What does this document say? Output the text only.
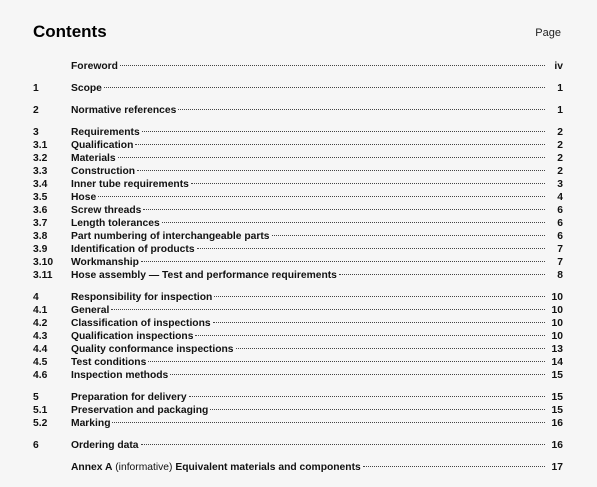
Contents	Page
Foreword	iv
1	Scope	1
2	Normative references	1
3	Requirements	2
3.1	Qualification	2
3.2	Materials	2
3.3	Construction	2
3.4	Inner tube requirements	3
3.5	Hose	4
3.6	Screw threads	6
3.7	Length tolerances	6
3.8	Part numbering of interchangeable parts	6
3.9	Identification of products	7
3.10	Workmanship	7
3.11	Hose assembly — Test and performance requirements	8
4	Responsibility for inspection	10
4.1	General	10
4.2	Classification of inspections	10
4.3	Qualification inspections	10
4.4	Quality conformance inspections	13
4.5	Test conditions	14
4.6	Inspection methods	15
5	Preparation for delivery	15
5.1	Preservation and packaging	15
5.2	Marking	16
6	Ordering data	16
Annex A (informative) Equivalent materials and components	17
